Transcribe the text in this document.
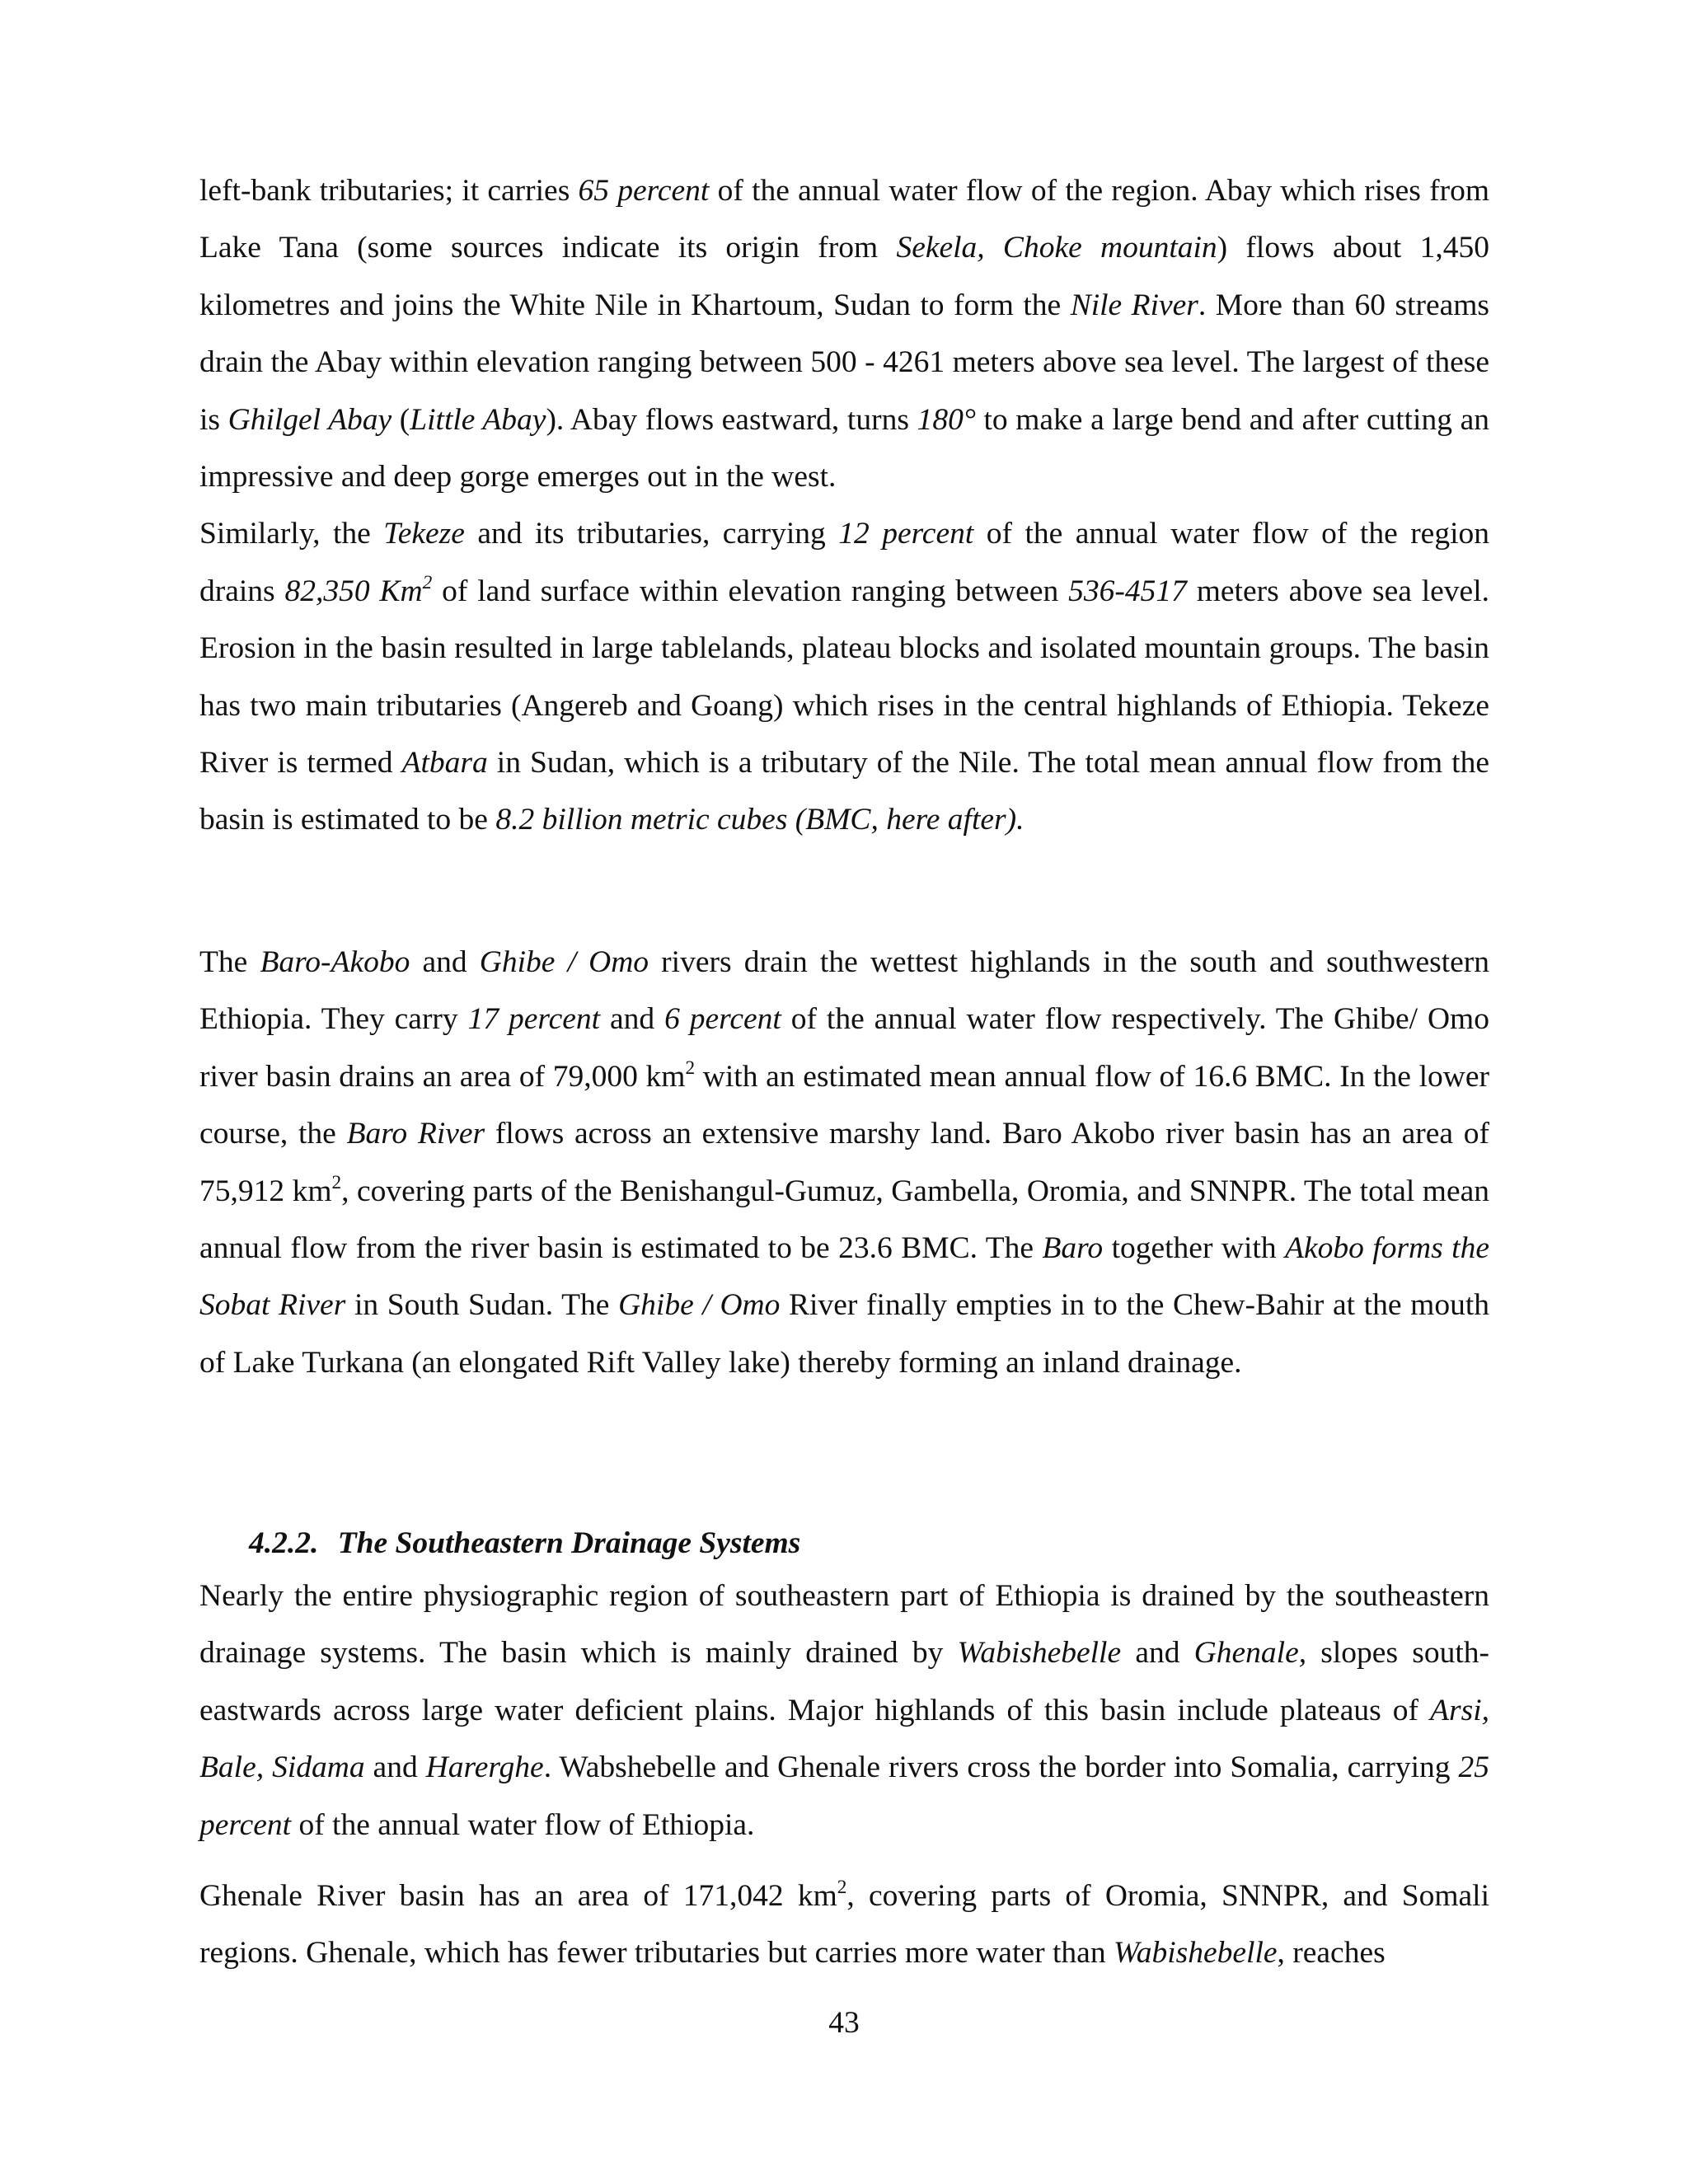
left-bank tributaries; it carries 65 percent of the annual water flow of the region. Abay which rises from Lake Tana (some sources indicate its origin from Sekela, Choke mountain) flows about 1,450 kilometres and joins the White Nile in Khartoum, Sudan to form the Nile River. More than 60 streams drain the Abay within elevation ranging between 500 - 4261 meters above sea level. The largest of these is Ghilgel Abay (Little Abay). Abay flows eastward, turns 180° to make a large bend and after cutting an impressive and deep gorge emerges out in the west.
Similarly, the Tekeze and its tributaries, carrying 12 percent of the annual water flow of the region drains 82,350 Km$^2$ of land surface within elevation ranging between 536-4517 meters above sea level. Erosion in the basin resulted in large tablelands, plateau blocks and isolated mountain groups. The basin has two main tributaries (Angereb and Goang) which rises in the central highlands of Ethiopia. Tekeze River is termed Atbara in Sudan, which is a tributary of the Nile. The total mean annual flow from the basin is estimated to be 8.2 billion metric cubes (BMC, here after).

The Baro-Akobo and Ghibe / Omo rivers drain the wettest highlands in the south and southwestern Ethiopia. They carry 17 percent and 6 percent of the annual water flow respectively. The Ghibe/ Omo river basin drains an area of 79,000 $km^2$ with an estimated mean annual flow of 16.6 BMC. In the lower course, the Baro River flows across an extensive marshy land. Baro Akobo river basin has an area of 75,912 $km^2$, covering parts of the Benishangul-Gumuz, Gambella, Oromia, and SNNPR. The total mean annual flow from the river basin is estimated to be 23.6 BMC. The Baro together with Akobo forms the Sobat River in South Sudan. The Ghibe / Omo River finally empties in to the Chew-Bahir at the mouth of Lake Turkana (an elongated Rift Valley lake) thereby forming an inland drainage.

4.2.2. The Southeastern Drainage Systems

Nearly the entire physiographic region of southeastern part of Ethiopia is drained by the southeastern drainage systems. The basin which is mainly drained by Wabishebelle and Ghenale, slopes south-eastwards across large water deficient plains. Major highlands of this basin include plateaus of Arsi, Bale, Sidama and Harerghe. Wabshebelle and Ghenale rivers cross the border into Somalia, carrying 25 percent of the annual water flow of Ethiopia.

Ghenale River basin has an area of 171,042 $km^2$, covering parts of Oromia, SNNPR, and Somali regions. Ghenale, which has fewer tributaries but carries more water than Wabishebelle, reaches

43
